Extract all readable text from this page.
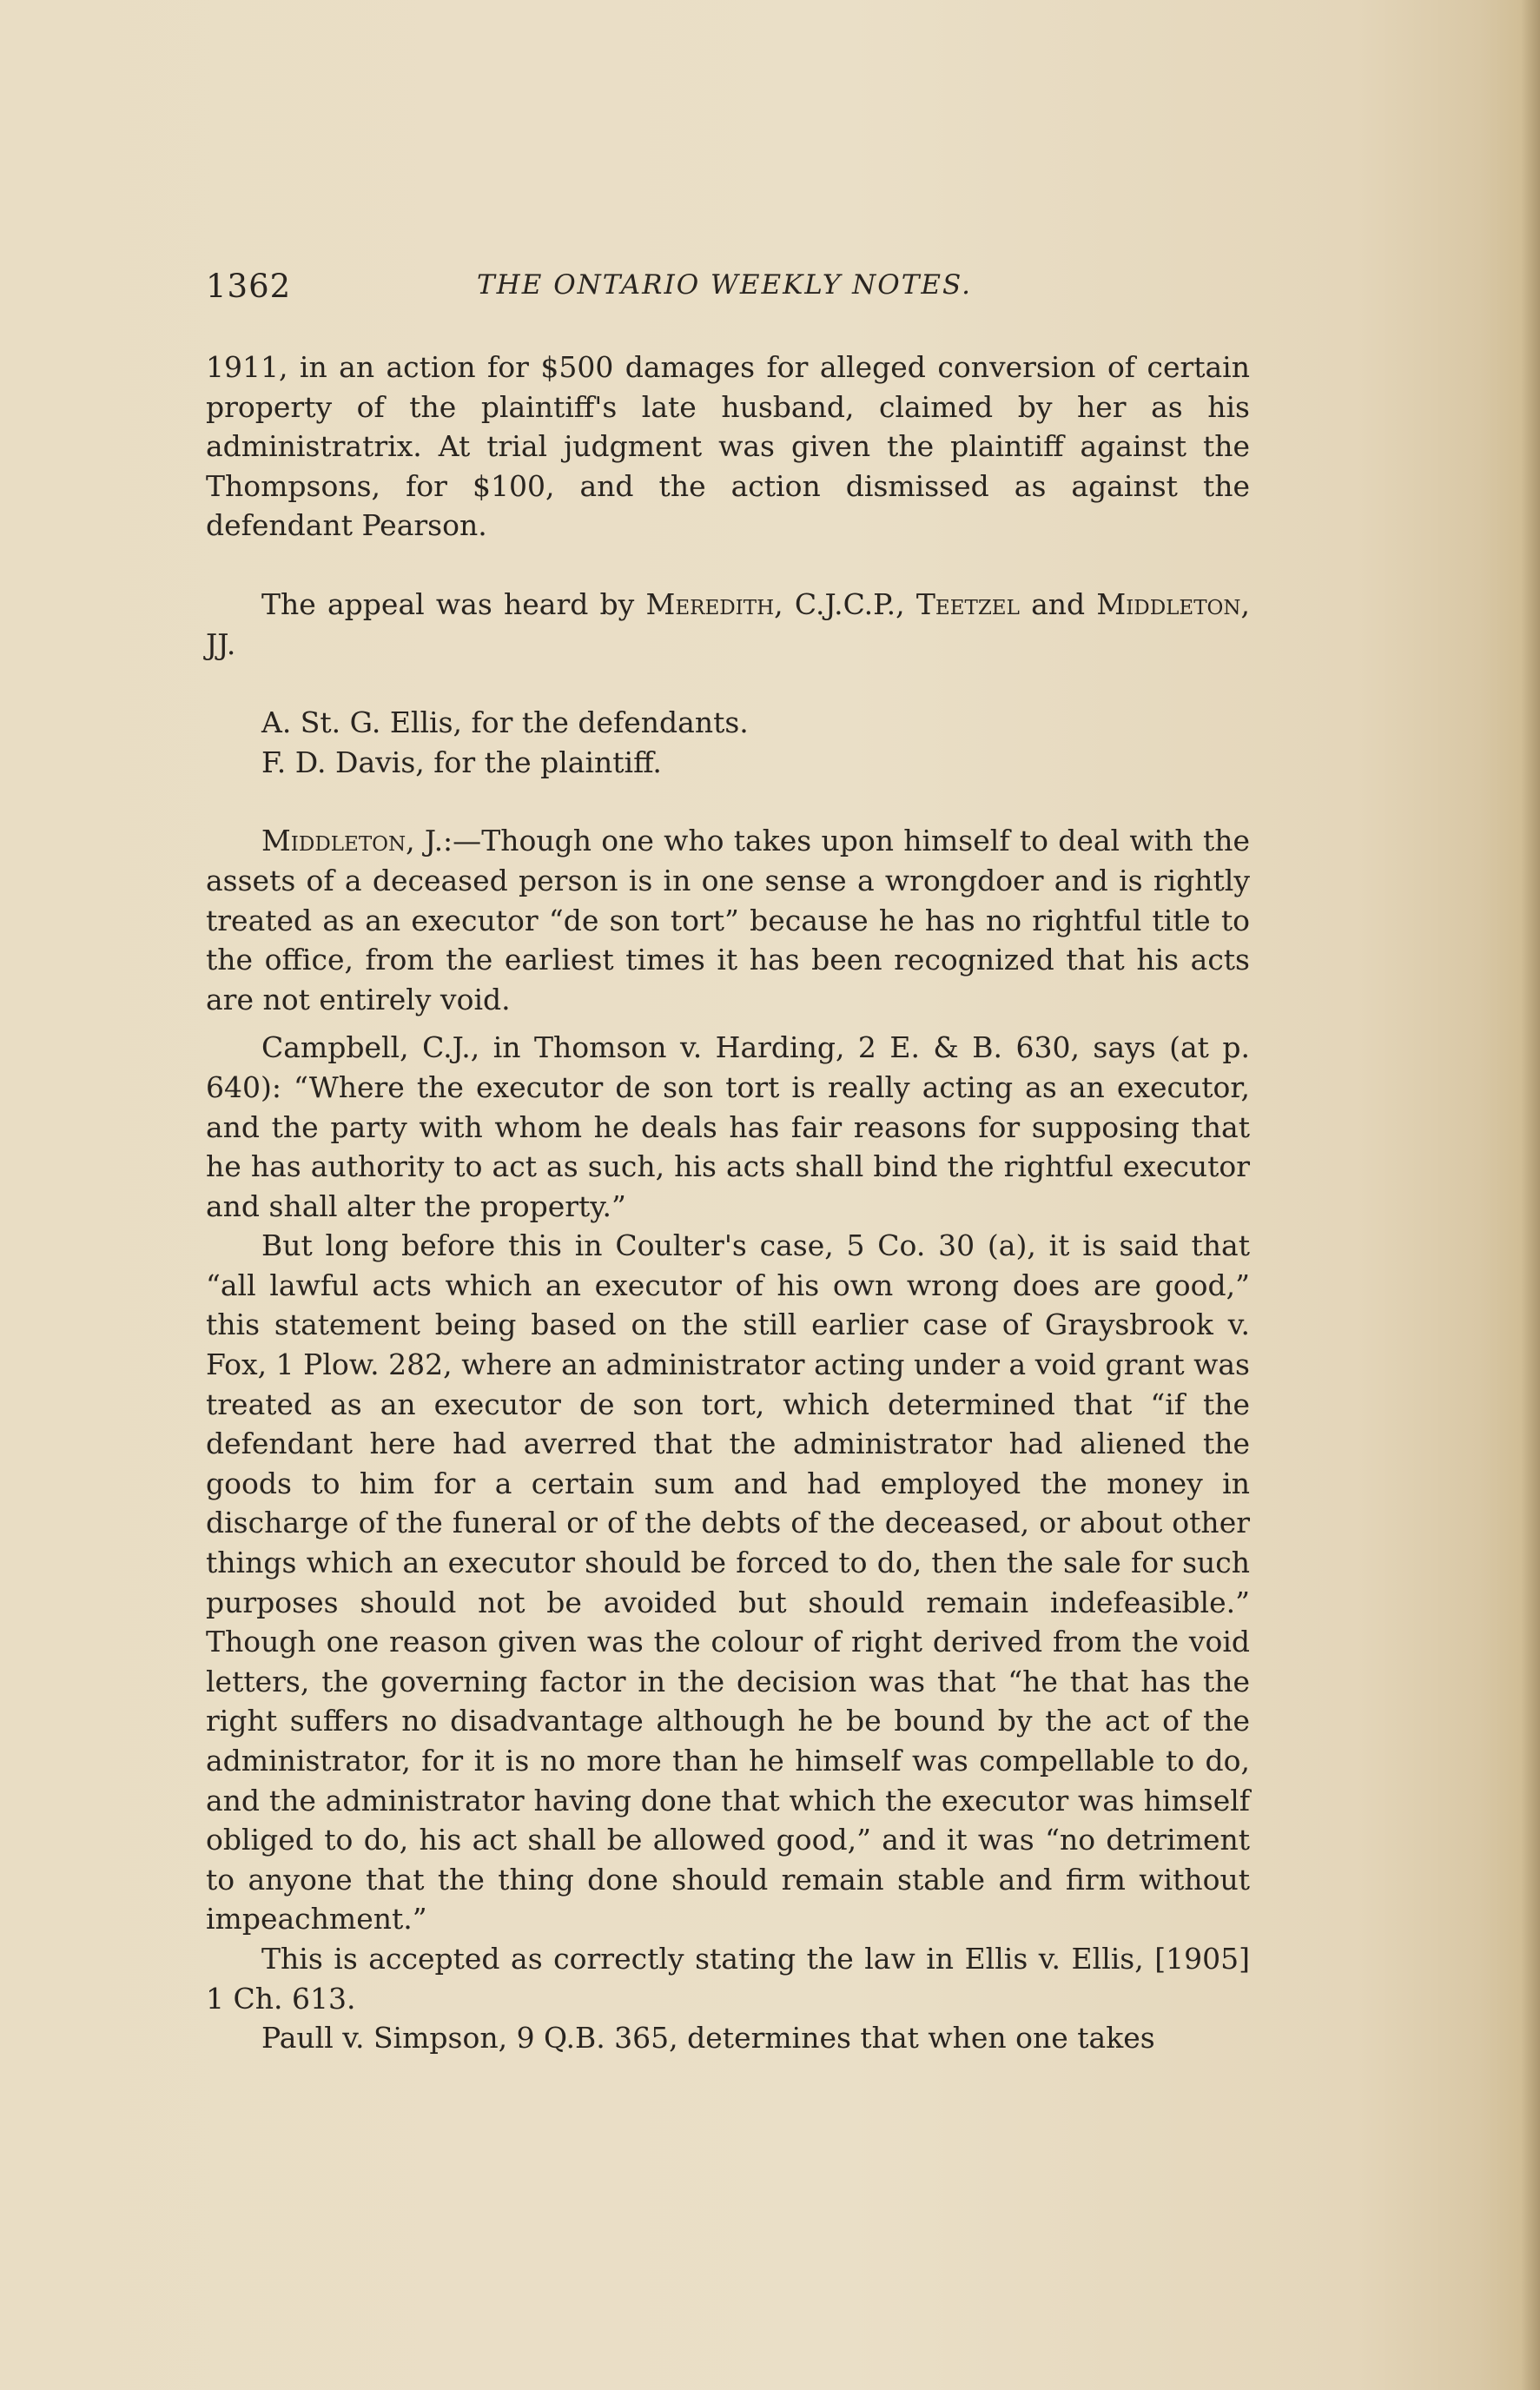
1362	THE ONTARIO WEEKLY NOTES.

1911, in an action for $500 damages for alleged conversion of certain property of the plaintiff's late husband, claimed by her as his administratrix. At trial judgment was given the plaintiff against the Thompsons, for $100, and the action dismissed as against the defendant Pearson.

The appeal was heard by Meredith, C.J.C.P., Teetzel and Middleton, JJ.

A. St. G. Ellis, for the defendants.

F. D. Davis, for the plaintiff.

Middleton, J.:—Though one who takes upon himself to deal with the assets of a deceased person is in one sense a wrongdoer and is rightly treated as an executor “de son tort” because he has no rightful title to the office, from the earliest times it has been recognized that his acts are not entirely void.

Campbell, C.J., in Thomson v. Harding, 2 E. & B. 630, says (at p. 640): “Where the executor de son tort is really acting as an executor, and the party with whom he deals has fair reasons for supposing that he has authority to act as such, his acts shall bind the rightful executor and shall alter the property.”

But long before this in Coulter's case, 5 Co. 30 (a), it is said that “all lawful acts which an executor of his own wrong does are good,” this statement being based on the still earlier case of Graysbrook v. Fox, 1 Plow. 282, where an administrator acting under a void grant was treated as an executor de son tort, which determined that “if the defendant here had averred that the administrator had aliened the goods to him for a certain sum and had employed the money in discharge of the funeral or of the debts of the deceased, or about other things which an executor should be forced to do, then the sale for such purposes should not be avoided but should remain indefeasible.” Though one reason given was the colour of right derived from the void letters, the governing factor in the decision was that “he that has the right suffers no disadvantage although he be bound by the act of the administrator, for it is no more than he himself was compellable to do, and the administrator having done that which the executor was himself obliged to do, his act shall be allowed good,” and it was “no detriment to anyone that the thing done should remain stable and firm without impeachment.”

This is accepted as correctly stating the law in Ellis v. Ellis, [1905] 1 Ch. 613.

Paull v. Simpson, 9 Q.B. 365, determines that when one takes
